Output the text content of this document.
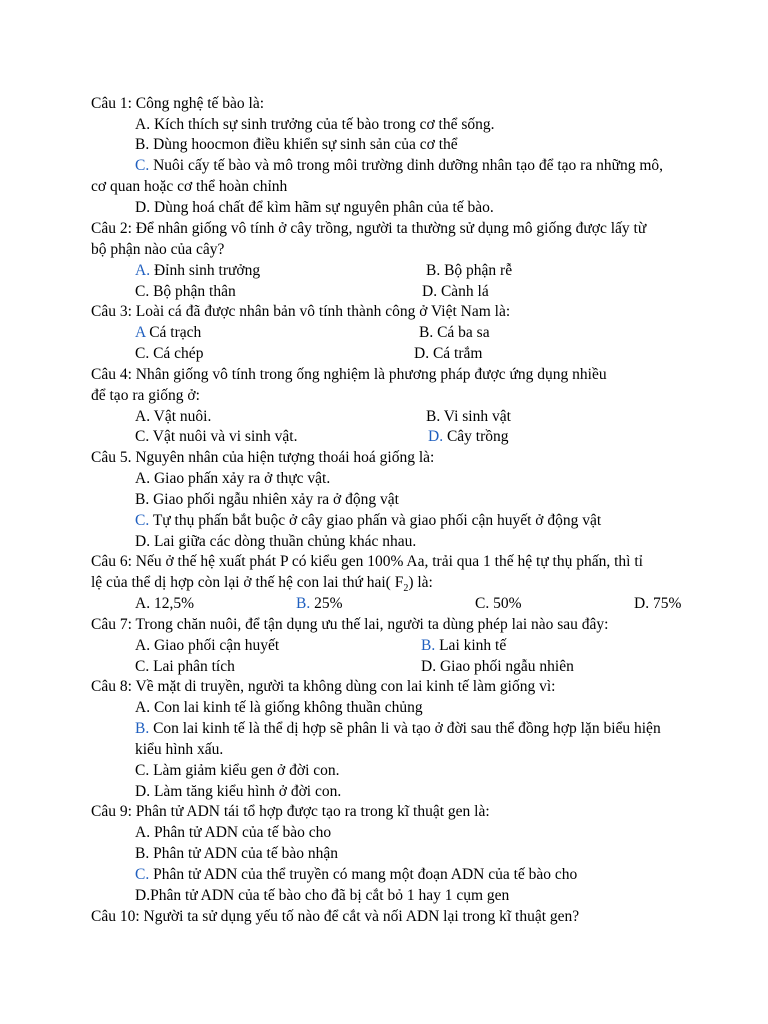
Câu 1: Công nghệ tế bào là:
A. Kích thích sự sinh trưởng của tế bào trong cơ thể sống.
B. Dùng hoocmon điều khiển sự sinh sản của cơ thể
C. Nuôi cấy tế bào và mô trong môi trường dinh dưỡng nhân tạo để tạo ra những mô,
cơ quan hoặc cơ thể hoàn chỉnh
D. Dùng hoá chất để kìm hãm sự nguyên phân của tế bào.
Câu 2: Để nhân giống vô tính ở cây trồng, người ta thường sử dụng mô giống được lấy từ
bộ phận nào của cây?
A. Đỉnh sinh trưởng	B. Bộ phận rễ
C. Bộ phận thân	D. Cành lá
Câu 3: Loài cá đã được nhân bản vô tính thành công ở Việt Nam là:
A Cá trạch	B. Cá ba sa
C. Cá chép	D. Cá trắm
Câu 4: Nhân giống vô tính trong ống nghiệm là phương pháp được ứng dụng nhiều
để tạo ra giống ở:
A. Vật nuôi.	B. Vi sinh vật
C. Vật nuôi và vi sinh vật.	D. Cây trồng
Câu 5. Nguyên nhân của hiện tượng thoái hoá giống là:
A. Giao phấn xảy ra ở thực vật.
B. Giao phối ngẫu nhiên xảy ra ở động vật
C. Tự thụ phấn bắt buộc ở cây giao phấn và giao phối cận huyết ở động vật
D. Lai giữa các dòng thuần chủng khác nhau.
Câu 6: Nếu ở thế hệ xuất phát P có kiểu gen 100% Aa, trải qua 1 thế hệ tự thụ phấn, thì tỉ
lệ của thể dị hợp còn lại ở thế hệ con lai thứ hai( $F_2$) là:
A. 12,5%	B. 25%	C. 50%	D. 75%
Câu 7: Trong chăn nuôi, để tận dụng ưu thế lai, người ta dùng phép lai nào sau đây:
A. Giao phối cận huyết	B. Lai kinh tế
C. Lai phân tích	D. Giao phối ngẫu nhiên
Câu 8: Về mặt di truyền, người ta không dùng con lai kinh tế làm giống vì:
A. Con lai kinh tế là giống không thuần chủng
B. Con lai kinh tế là thể dị hợp sẽ phân li và tạo ở đời sau thể đồng hợp lặn biểu hiện
kiểu hình xấu.
C. Làm giảm kiểu gen ở đời con.
D. Làm tăng kiểu hình ở đời con.
Câu 9: Phân tử ADN tái tổ hợp được tạo ra trong kĩ thuật gen là:
A. Phân tử ADN của tế bào cho
B. Phân tử ADN của tế bào nhận
C. Phân tử ADN của thể truyền có mang một đoạn ADN của tế bào cho
D.Phân tử ADN của tế bào cho đã bị cắt bỏ 1 hay 1 cụm gen
Câu 10: Người ta sử dụng yếu tố nào để cắt và nối ADN lại trong kĩ thuật gen?
